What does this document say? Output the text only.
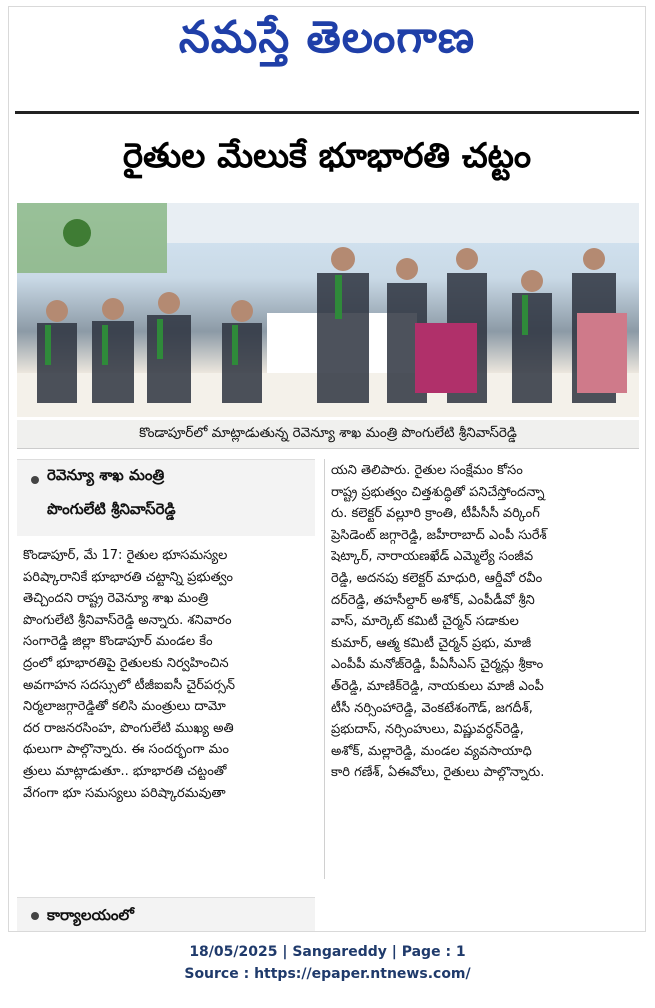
నమస్తే తెలంగాణ
రైతుల మేలుకే భూభారతి చట్టం
కొండాపూర్‌లో మాట్లాడుతున్న రెవెన్యూ శాఖ మంత్రి పొంగులేటి శ్రీనివాస్‌రెడ్డి
రెవెన్యూ శాఖ మంత్రి
పొంగులేటి శ్రీనివాస్‌రెడ్డి
కొండాపూర్, మే 17: రైతుల భూసమస్యల
పరిష్కారానికే భూభారతి చట్టాన్ని ప్రభుత్వం
తెచ్చిందని రాష్ట్ర రెవెన్యూ శాఖ మంత్రి
పొంగులేటి శ్రీనివాస్‌రెడ్డి అన్నారు. శనివారం
సంగారెడ్డి జిల్లా కొండాపూర్ మండల కేం
ద్రంలో భూభారతిపై రైతులకు నిర్వహించిన
అవగాహన సదస్సులో టీజీఐఐసీ చైర్‌పర్సన్
నిర్మలాజగ్గారెడ్డితో కలిసి మంత్రులు దామో
దర రాజనరసింహ, పొంగులేటి ముఖ్య అతి
థులుగా పాల్గొన్నారు. ఈ సందర్భంగా మం
త్రులు మాట్లాడుతూ.. భూభారతి చట్టంతో
వేగంగా భూ సమస్యలు పరిష్కారమవుతా
యని తెలిపారు. రైతుల సంక్షేమం కోసం
రాష్ట్ర ప్రభుత్వం చిత్తశుద్ధితో పనిచేస్తోందన్నా
రు. కలెక్టర్ వల్లూరి క్రాంతి, టీపీసీసీ వర్కింగ్
ప్రెసిడెంట్ జగ్గారెడ్డి, జహీరాబాద్ ఎంపీ సురేశ్
షెట్కార్, నారాయణఖేడ్ ఎమ్మెల్యే సంజీవ
రెడ్డి, అదనపు కలెక్టర్ మాధురి, ఆర్డీవో రవీం
దర్‌రెడ్డి, తహసీల్దార్ అశోక్, ఎంపీడీవో శ్రీని
వాస్, మార్కెట్ కమిటీ చైర్మన్ సడాకుల
కుమార్, ఆత్మ కమిటీ చైర్మన్ ప్రభు, మాజీ
ఎంపీపీ మనోజ్‌రెడ్డి, పీఏసీఎస్ చైర్మన్లు శ్రీకాం
త్‌రెడ్డి, మాణిక్‌రెడ్డి, నాయకులు మాజీ ఎంపీ
టీసీ నర్సింహారెడ్డి, వెంకటేశంగౌడ్, జగదీశ్,
ప్రభుదాస్, నర్సింహులు, విష్ణువర్ధన్‌రెడ్డి,
అశోక్, మల్లారెడ్డి, మండల వ్యవసాయాధి
కారి గణేశ్, ఏఈవోలు, రైతులు పాల్గొన్నారు.
కార్యాలయంలో
18/05/2025 | Sangareddy | Page : 1
Source : https://epaper.ntnews.com/
